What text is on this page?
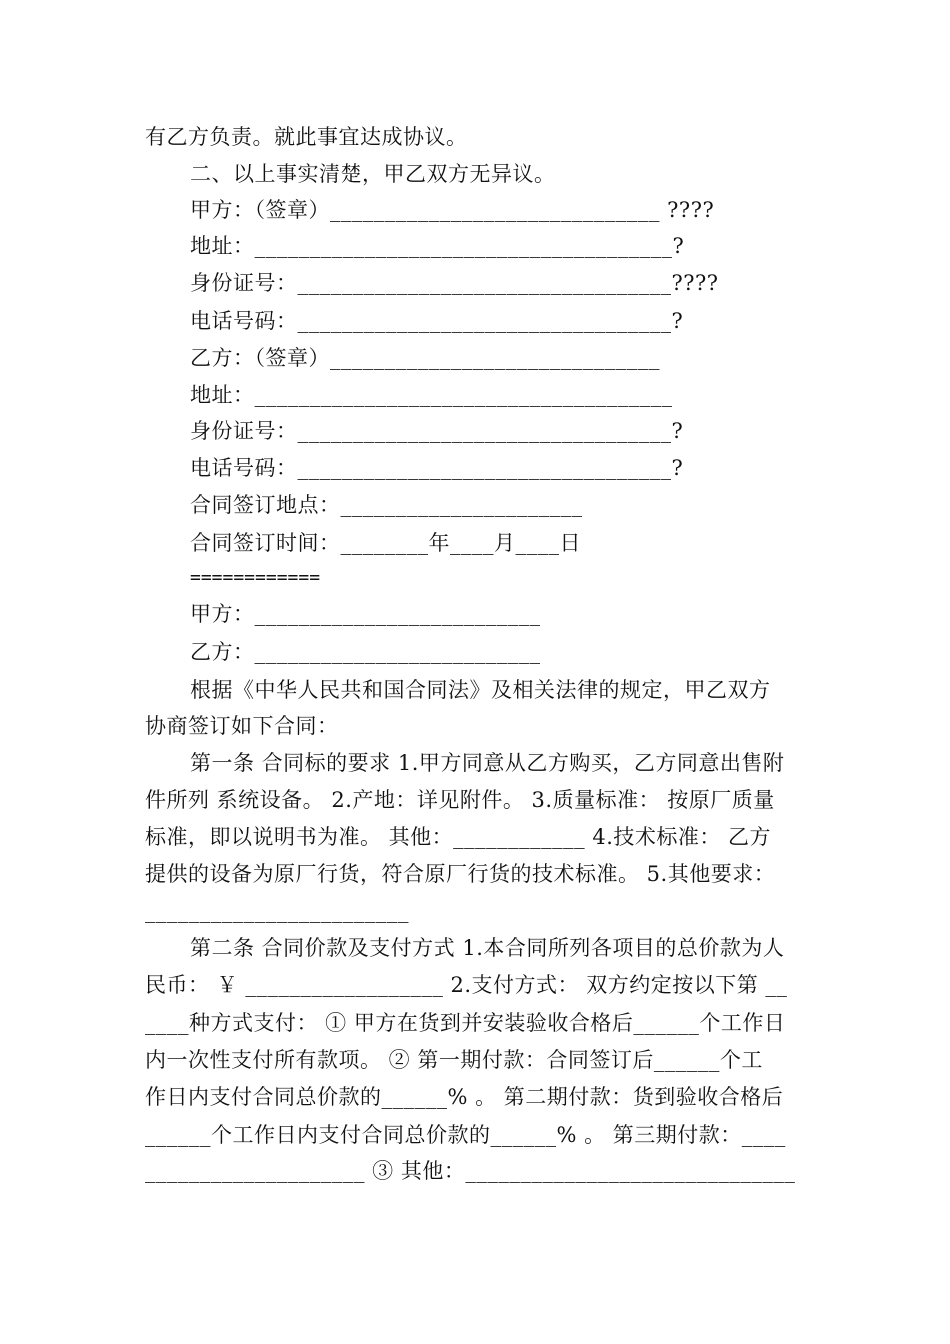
有乙方负责。就此事宜达成协议。
二、以上事实清楚，甲乙双方无异议。
甲方：（签章）______________________________ ????
地址：______________________________________?
身份证号：__________________________________????
电话号码：__________________________________?
乙方：（签章）______________________________
地址：______________________________________
身份证号：__________________________________?
电话号码：__________________________________?
合同签订地点：______________________
合同签订时间：________年____月____日
============
甲方：__________________________
乙方：__________________________
根据《中华人民共和国合同法》及相关法律的规定，甲乙双方
协商签订如下合同：
第一条 合同标的要求 1.甲方同意从乙方购买，乙方同意出售附
件所列 系统设备。 2.产地：详见附件。 3.质量标准： 按原厂质量
标准，即以说明书为准。 其他：____________ 4.技术标准： 乙方
提供的设备为原厂行货，符合原厂行货的技术标准。 5.其他要求：
________________________
第二条 合同价款及支付方式 1.本合同所列各项目的总价款为人
民币： ￥ __________________ 2.支付方式： 双方约定按以下第 __
____种方式支付： ① 甲方在货到并安装验收合格后______个工作日
内一次性支付所有款项。 ② 第一期付款：合同签订后______个工
作日内支付合同总价款的______% 。 第二期付款：货到验收合格后
______个工作日内支付合同总价款的______% 。 第三期付款：____
____________________ ③ 其他：______________________________
